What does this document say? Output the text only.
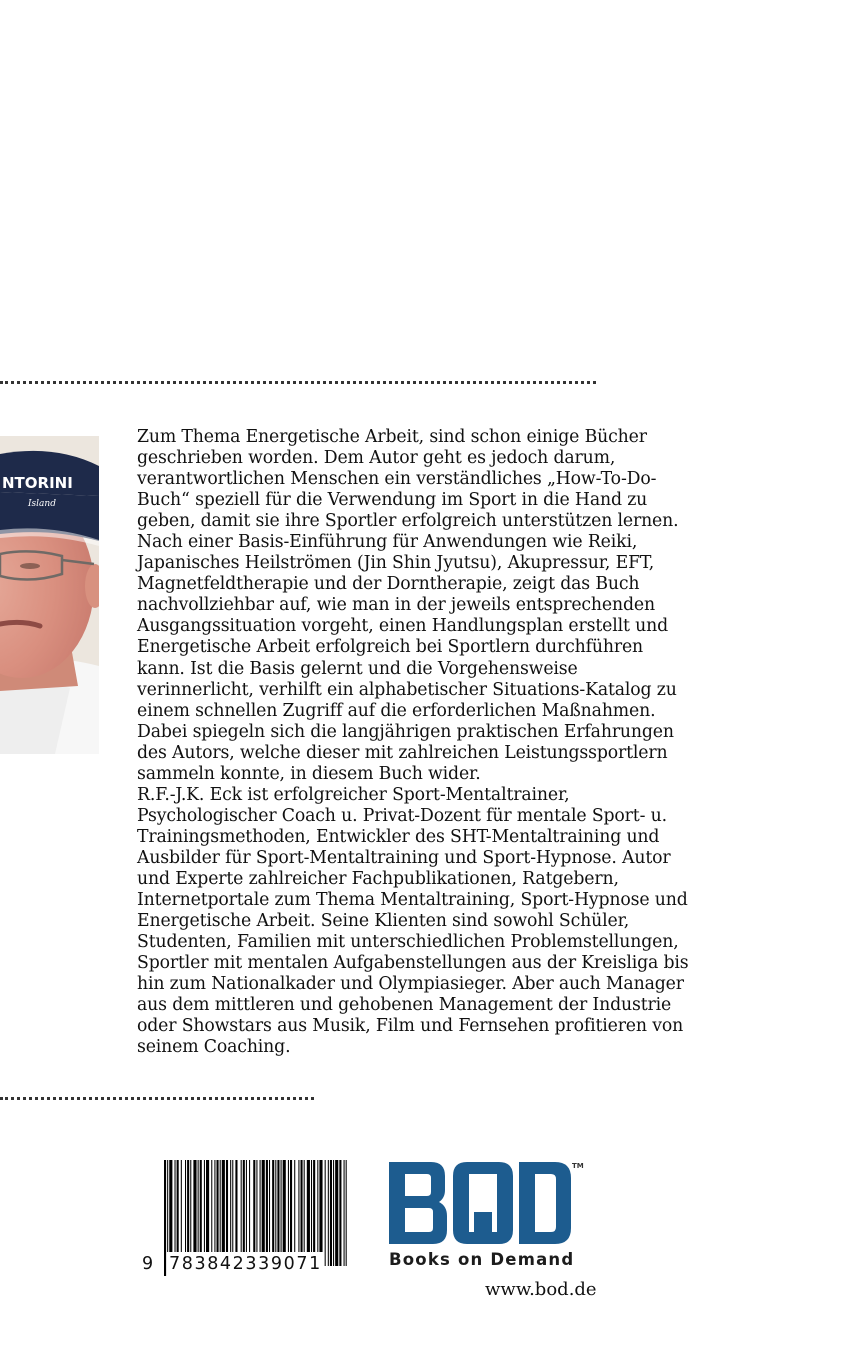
NTORINI
Island
Zum Thema Energetische Arbeit, sind schon einige Bücher
geschrieben worden. Dem Autor geht es jedoch darum,
verantwortlichen Menschen ein verständliches „How-To-Do-
Buch“ speziell für die Verwendung im Sport in die Hand zu
geben, damit sie ihre Sportler erfolgreich unterstützen lernen.
Nach einer Basis-Einführung für Anwendungen wie Reiki,
Japanisches Heilströmen (Jin Shin Jyutsu), Akupressur, EFT,
Magnetfeldtherapie und der Dorntherapie, zeigt das Buch
nachvollziehbar auf, wie man in der jeweils entsprechenden
Ausgangssituation vorgeht, einen Handlungsplan erstellt und
Energetische Arbeit erfolgreich bei Sportlern durchführen
kann. Ist die Basis gelernt und die Vorgehensweise
verinnerlicht, verhilft ein alphabetischer Situations-Katalog zu
einem schnellen Zugriff auf die erforderlichen Maßnahmen.
Dabei spiegeln sich die langjährigen praktischen Erfahrungen
des Autors, welche dieser mit zahlreichen Leistungssportlern
sammeln konnte, in diesem Buch wider.
R.F.-J.K. Eck ist erfolgreicher Sport-Mentaltrainer,
Psychologischer Coach u. Privat-Dozent für mentale Sport- u.
Trainingsmethoden, Entwickler des SHT-Mentaltraining und
Ausbilder für Sport-Mentaltraining und Sport-Hypnose. Autor
und Experte zahlreicher Fachpublikationen, Ratgebern,
Internetportale zum Thema Mentaltraining, Sport-Hypnose und
Energetische Arbeit. Seine Klienten sind sowohl Schüler,
Studenten, Familien mit unterschiedlichen Problemstellungen,
Sportler mit mentalen Aufgabenstellungen aus der Kreisliga bis
hin zum Nationalkader und Olympiasieger. Aber auch Manager
aus dem mittleren und gehobenen Management der Industrie
oder Showstars aus Musik, Film und Fernsehen profitieren von
seinem Coaching.
9 783842339071
TM
Books on Demand
www.bod.de
